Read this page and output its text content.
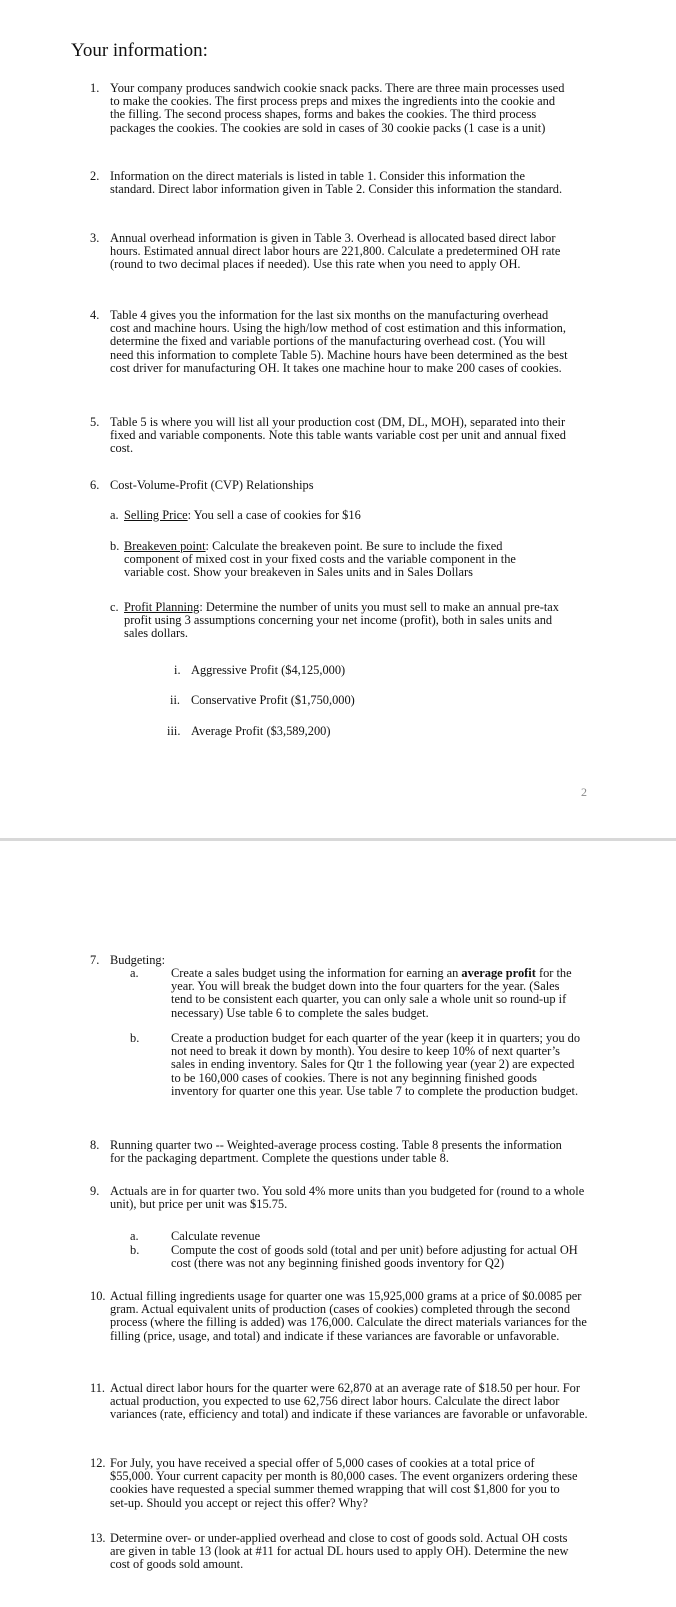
Your information:
1. Your company produces sandwich cookie snack packs. There are three main processes used to make the cookies. The first process preps and mixes the ingredients into the cookie and the filling. The second process shapes, forms and bakes the cookies. The third process packages the cookies. The cookies are sold in cases of 30 cookie packs (1 case is a unit)
2. Information on the direct materials is listed in table 1. Consider this information the standard. Direct labor information given in Table 2. Consider this information the standard.
3. Annual overhead information is given in Table 3. Overhead is allocated based direct labor hours. Estimated annual direct labor hours are 221,800. Calculate a predetermined OH rate (round to two decimal places if needed). Use this rate when you need to apply OH.
4. Table 4 gives you the information for the last six months on the manufacturing overhead cost and machine hours. Using the high/low method of cost estimation and this information, determine the fixed and variable portions of the manufacturing overhead cost. (You will need this information to complete Table 5). Machine hours have been determined as the best cost driver for manufacturing OH. It takes one machine hour to make 200 cases of cookies.
5. Table 5 is where you will list all your production cost (DM, DL, MOH), separated into their fixed and variable components. Note this table wants variable cost per unit and annual fixed cost.
6. Cost-Volume-Profit (CVP) Relationships
a. Selling Price: You sell a case of cookies for $16
b. Breakeven point: Calculate the breakeven point. Be sure to include the fixed component of mixed cost in your fixed costs and the variable component in the variable cost. Show your breakeven in Sales units and in Sales Dollars
c. Profit Planning: Determine the number of units you must sell to make an annual pre-tax profit using 3 assumptions concerning your net income (profit), both in sales units and sales dollars.
i. Aggressive Profit ($4,125,000)
ii. Conservative Profit ($1,750,000)
iii. Average Profit ($3,589,200)
2
7. Budgeting:
a.	Create a sales budget using the information for earning an average profit for the year. You will break the budget down into the four quarters for the year. (Sales tend to be consistent each quarter, you can only sale a whole unit so round-up if necessary) Use table 6 to complete the sales budget.
b.	Create a production budget for each quarter of the year (keep it in quarters; you do not need to break it down by month). You desire to keep 10% of next quarter’s sales in ending inventory. Sales for Qtr 1 the following year (year 2) are expected to be 160,000 cases of cookies. There is not any beginning finished goods inventory for quarter one this year. Use table 7 to complete the production budget.
8. Running quarter two -- Weighted-average process costing. Table 8 presents the information for the packaging department. Complete the questions under table 8.
9. Actuals are in for quarter two. You sold 4% more units than you budgeted for (round to a whole unit), but price per unit was $15.75.
a.	Calculate revenue
b.	Compute the cost of goods sold (total and per unit) before adjusting for actual OH cost (there was not any beginning finished goods inventory for Q2)
10. Actual filling ingredients usage for quarter one was 15,925,000 grams at a price of $0.0085 per gram. Actual equivalent units of production (cases of cookies) completed through the second process (where the filling is added) was 176,000. Calculate the direct materials variances for the filling (price, usage, and total) and indicate if these variances are favorable or unfavorable.
11. Actual direct labor hours for the quarter were 62,870 at an average rate of $18.50 per hour. For actual production, you expected to use 62,756 direct labor hours. Calculate the direct labor variances (rate, efficiency and total) and indicate if these variances are favorable or unfavorable.
12. For July, you have received a special offer of 5,000 cases of cookies at a total price of $55,000. Your current capacity per month is 80,000 cases. The event organizers ordering these cookies have requested a special summer themed wrapping that will cost $1,800 for you to set-up. Should you accept or reject this offer? Why?
13. Determine over- or under-applied overhead and close to cost of goods sold. Actual OH costs are given in table 13 (look at #11 for actual DL hours used to apply OH). Determine the new cost of goods sold amount.
